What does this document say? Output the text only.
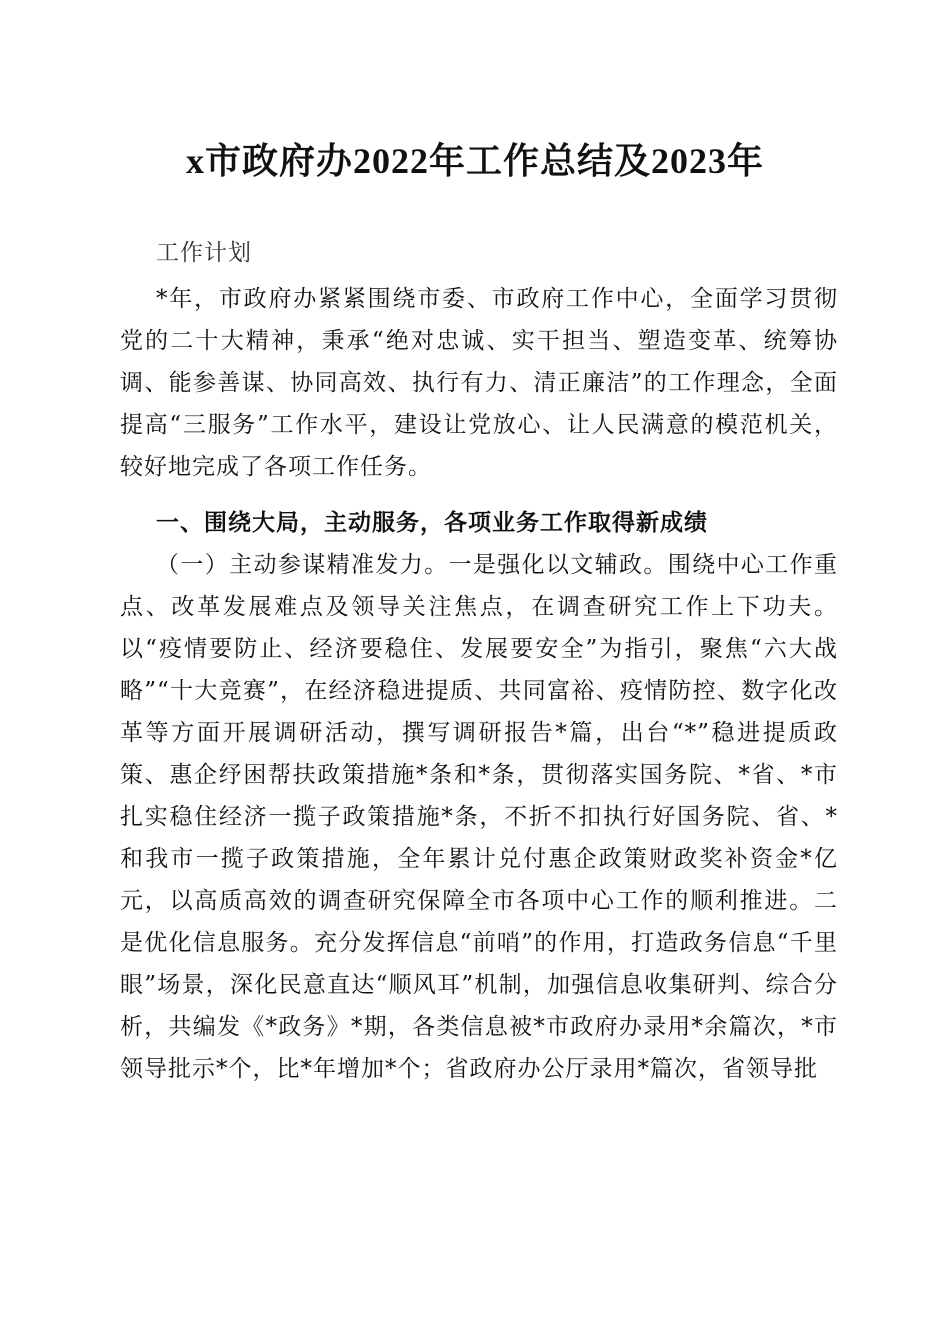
x市政府办2022年工作总结及2023年
工作计划
*年，市政府办紧紧围绕市委、市政府工作中心，全面学习贯彻党的二十大精神，秉承“绝对忠诚、实干担当、塑造变革、统筹协调、能参善谋、协同高效、执行有力、清正廉洁”的工作理念，全面提高“三服务”工作水平，建设让党放心、让人民满意的模范机关，较好地完成了各项工作任务。
一、围绕大局，主动服务，各项业务工作取得新成绩
（一）主动参谋精准发力。一是强化以文辅政。围绕中心工作重点、改革发展难点及领导关注焦点，在调查研究工作上下功夫。以“疫情要防止、经济要稳住、发展要安全”为指引，聚焦“六大战略”“十大竞赛”，在经济稳进提质、共同富裕、疫情防控、数字化改革等方面开展调研活动，撰写调研报告*篇，出台“*”稳进提质政策、惠企纾困帮扶政策措施*条和*条，贯彻落实国务院、*省、*市扎实稳住经济一揽子政策措施*条，不折不扣执行好国务院、省、*和我市一揽子政策措施，全年累计兑付惠企政策财政奖补资金*亿元，以高质高效的调查研究保障全市各项中心工作的顺利推进。二是优化信息服务。充分发挥信息“前哨”的作用，打造政务信息“千里眼”场景，深化民意直达“顺风耳”机制，加强信息收集研判、综合分析，共编发《*政务》*期，各类信息被*市政府办录用*余篇次，*市领导批示*个，比*年增加*个；省政府办公厅录用*篇次，省领导批
